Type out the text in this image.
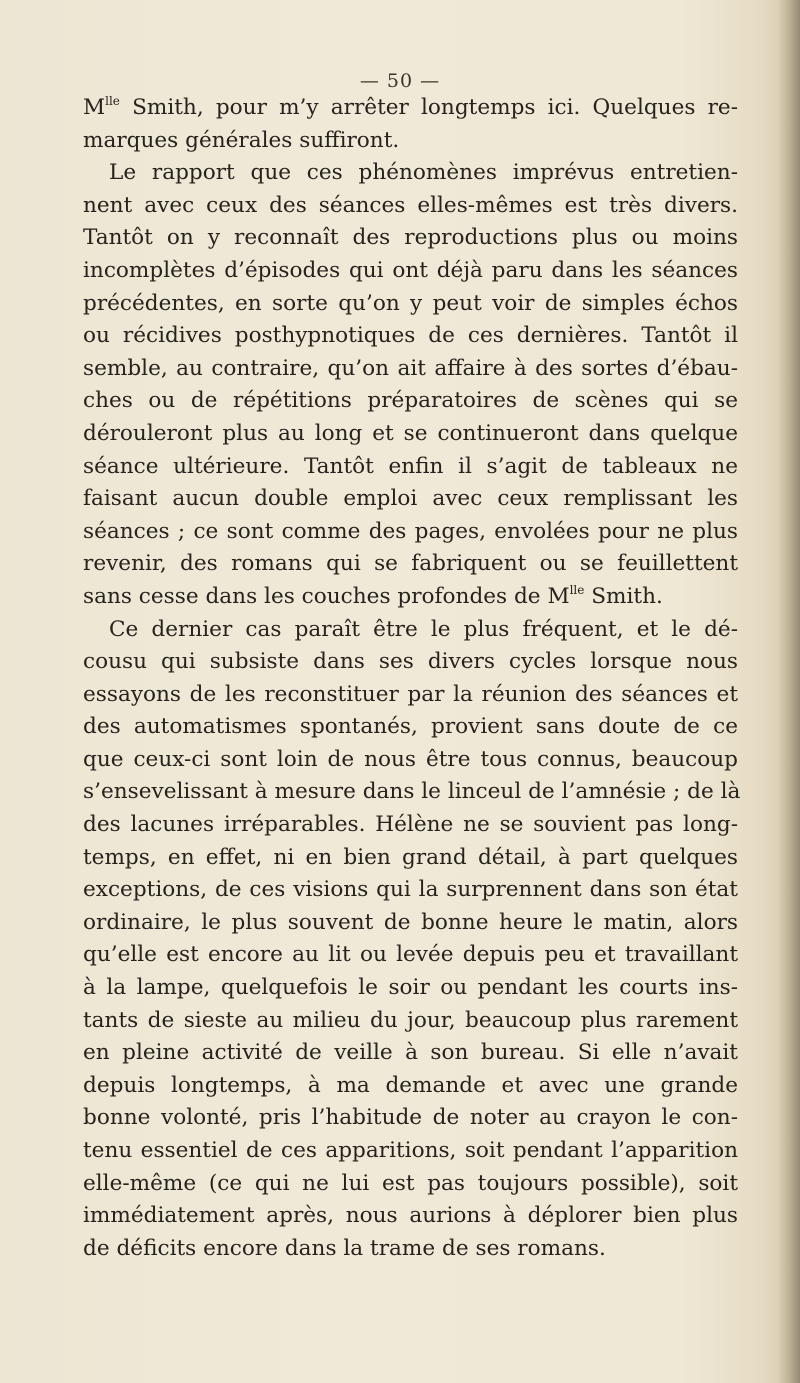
— 50 —
$M^{lle}$ Smith, pour m’y arrêter longtemps ici. Quelques re-
marques générales suffiront.
Le rapport que ces phénomènes imprévus entretien-
nent avec ceux des séances elles-mêmes est très divers.
Tantôt on y reconnaît des reproductions plus ou moins
incomplètes d’épisodes qui ont déjà paru dans les séances
précédentes, en sorte qu’on y peut voir de simples échos
ou récidives posthypnotiques de ces dernières. Tantôt il
semble, au contraire, qu’on ait affaire à des sortes d’ébau-
ches ou de répétitions préparatoires de scènes qui se
dérouleront plus au long et se continueront dans quelque
séance ultérieure. Tantôt enfin il s’agit de tableaux ne
faisant aucun double emploi avec ceux remplissant les
séances ; ce sont comme des pages, envolées pour ne plus
revenir, des romans qui se fabriquent ou se feuillettent
sans cesse dans les couches profondes de $M^{lle}$ Smith.
Ce dernier cas paraît être le plus fréquent, et le dé-
cousu qui subsiste dans ses divers cycles lorsque nous
essayons de les reconstituer par la réunion des séances et
des automatismes spontanés, provient sans doute de ce
que ceux-ci sont loin de nous être tous connus, beaucoup
s’ensevelissant à mesure dans le linceul de l’amnésie ; de là
des lacunes irréparables. Hélène ne se souvient pas long-
temps, en effet, ni en bien grand détail, à part quelques
exceptions, de ces visions qui la surprennent dans son état
ordinaire, le plus souvent de bonne heure le matin, alors
qu’elle est encore au lit ou levée depuis peu et travaillant
à la lampe, quelquefois le soir ou pendant les courts ins-
tants de sieste au milieu du jour, beaucoup plus rarement
en pleine activité de veille à son bureau. Si elle n’avait
depuis longtemps, à ma demande et avec une grande
bonne volonté, pris l’habitude de noter au crayon le con-
tenu essentiel de ces apparitions, soit pendant l’apparition
elle-même (ce qui ne lui est pas toujours possible), soit
immédiatement après, nous aurions à déplorer bien plus
de déficits encore dans la trame de ses romans.
